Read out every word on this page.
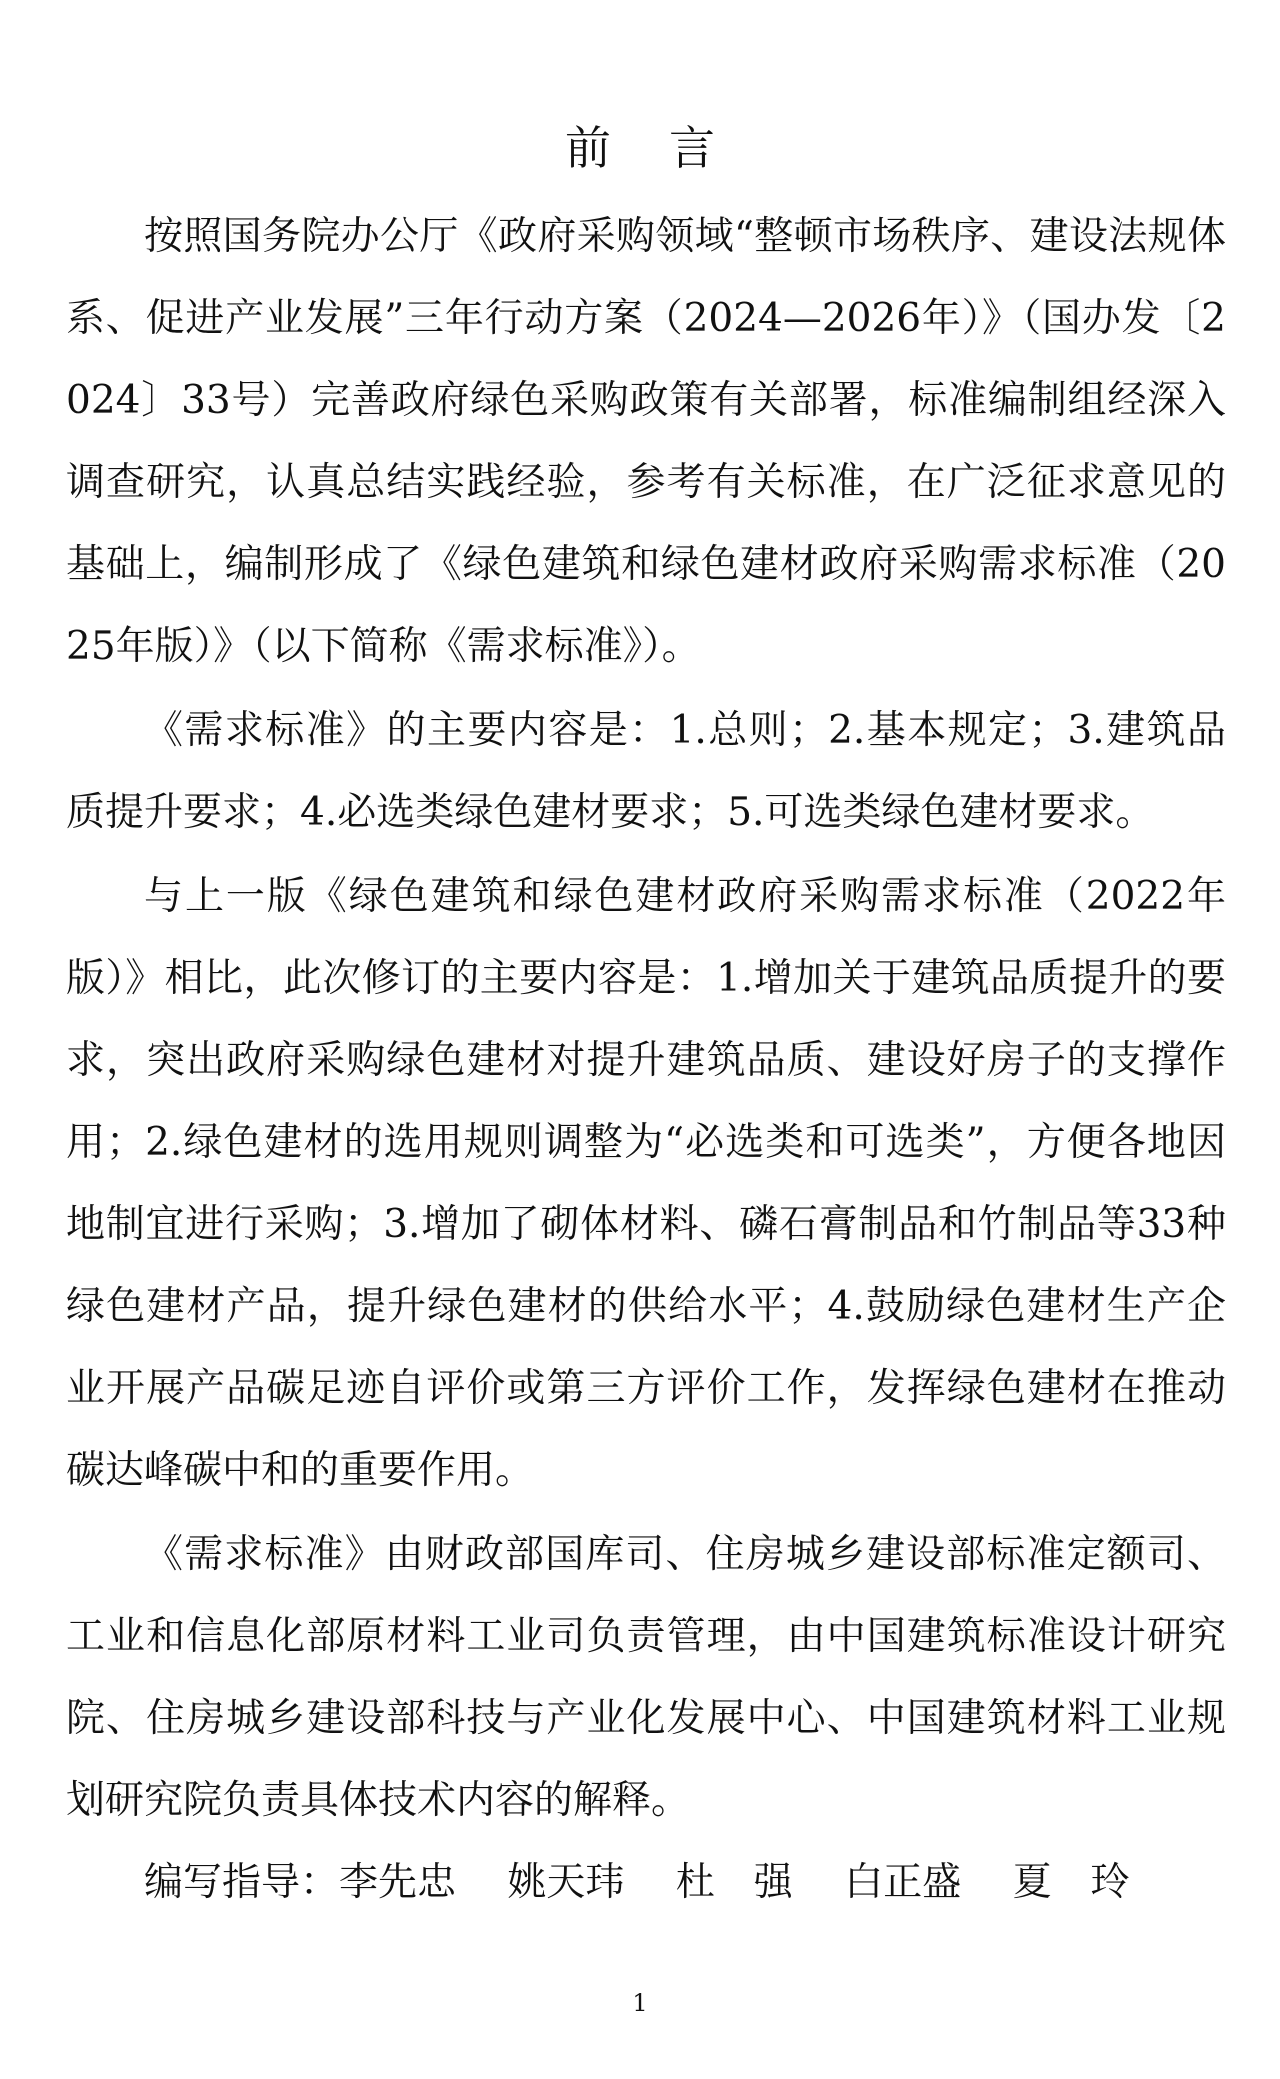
前言

按照国务院办公厅《政府采购领域“整顿市场秩序、建设法规体系、促进产业发展”三年行动方案（2024—2026年）》（国办发〔2024〕33号）完善政府绿色采购政策有关部署，标准编制组经深入调查研究，认真总结实践经验，参考有关标准，在广泛征求意见的基础上，编制形成了《绿色建筑和绿色建材政府采购需求标准（2025年版）》（以下简称《需求标准》）。

《需求标准》的主要内容是：1.总则；2.基本规定；3.建筑品质提升要求；4.必选类绿色建材要求；5.可选类绿色建材要求。

与上一版《绿色建筑和绿色建材政府采购需求标准（2022年版）》相比，此次修订的主要内容是：1.增加关于建筑品质提升的要求，突出政府采购绿色建材对提升建筑品质、建设好房子的支撑作用；2.绿色建材的选用规则调整为“必选类和可选类”，方便各地因地制宜进行采购；3.增加了砌体材料、磷石膏制品和竹制品等33种绿色建材产品，提升绿色建材的供给水平；4.鼓励绿色建材生产企业开展产品碳足迹自评价或第三方评价工作，发挥绿色建材在推动碳达峰碳中和的重要作用。

《需求标准》由财政部国库司、住房城乡建设部标准定额司、工业和信息化部原材料工业司负责管理，由中国建筑标准设计研究院、住房城乡建设部科技与产业化发展中心、中国建筑材料工业规划研究院负责具体技术内容的解释。

编写指导：李先忠　 姚天玮　 杜　强　 白正盛　 夏　玲

1
